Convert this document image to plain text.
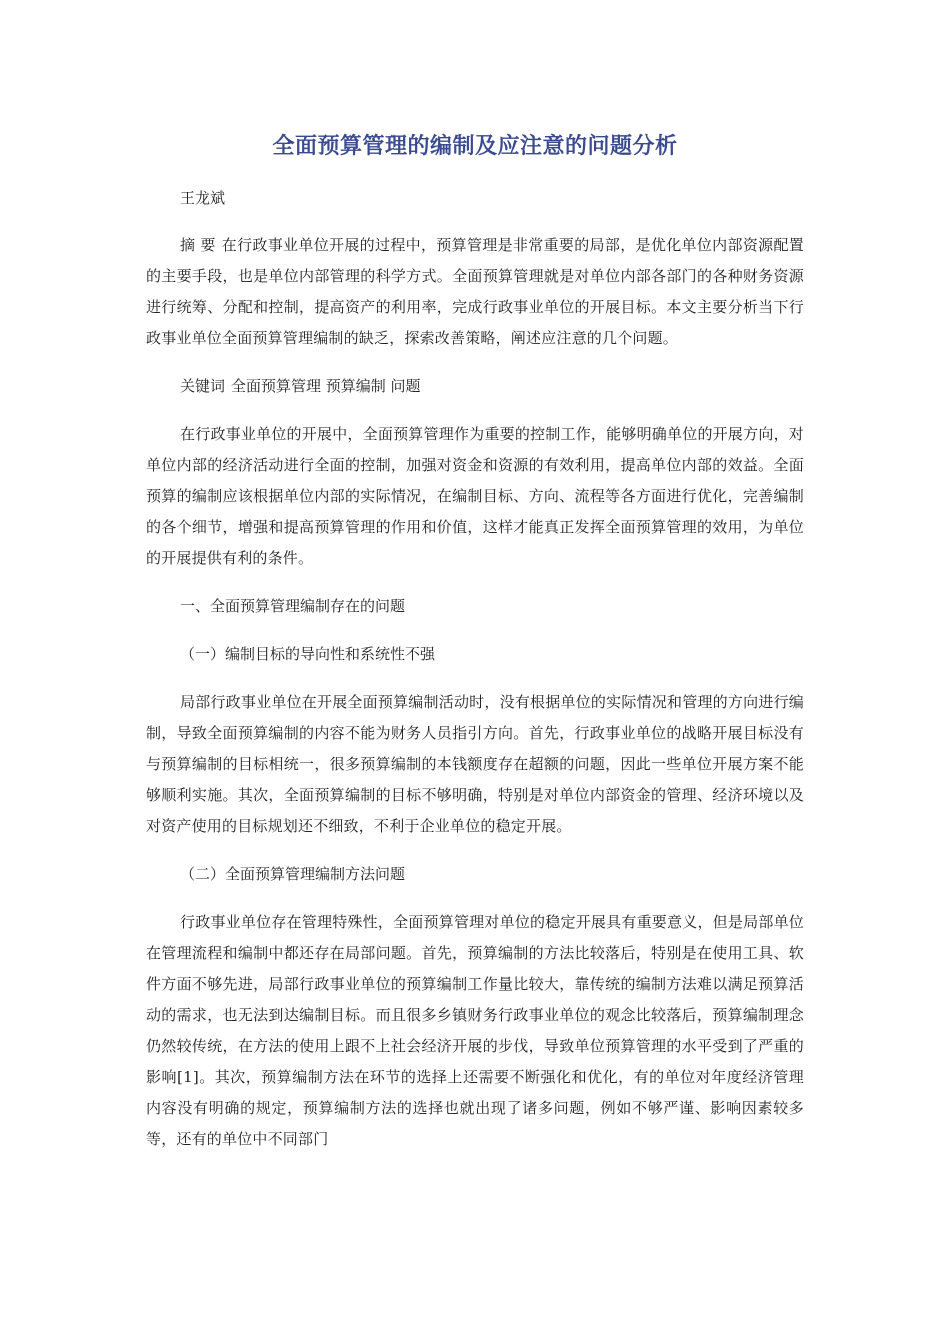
全面预算管理的编制及应注意的问题分析
王龙斌

摘 要 在行政事业单位开展的过程中，预算管理是非常重要的局部，是优化单位内部资源配置的主要手段，也是单位内部管理的科学方式。全面预算管理就是对单位内部各部门的各种财务资源进行统筹、分配和控制，提高资产的利用率，完成行政事业单位的开展目标。本文主要分析当下行政事业单位全面预算管理编制的缺乏，探索改善策略，阐述应注意的几个问题。

关键词 全面预算管理 预算编制 问题

在行政事业单位的开展中，全面预算管理作为重要的控制工作，能够明确单位的开展方向，对单位内部的经济活动进行全面的控制，加强对资金和资源的有效利用，提高单位内部的效益。全面预算的编制应该根据单位内部的实际情况，在编制目标、方向、流程等各方面进行优化，完善编制的各个细节，增强和提高预算管理的作用和价值，这样才能真正发挥全面预算管理的效用，为单位的开展提供有利的条件。

一、全面预算管理编制存在的问题

（一）编制目标的导向性和系统性不强

局部行政事业单位在开展全面预算编制活动时，没有根据单位的实际情况和管理的方向进行编制，导致全面预算编制的内容不能为财务人员指引方向。首先，行政事业单位的战略开展目标没有与预算编制的目标相统一，很多预算编制的本钱额度存在超额的问题，因此一些单位开展方案不能够顺利实施。其次，全面预算编制的目标不够明确，特别是对单位内部资金的管理、经济环境以及对资产使用的目标规划还不细致，不利于企业单位的稳定开展。

（二）全面预算管理编制方法问题

行政事业单位存在管理特殊性，全面预算管理对单位的稳定开展具有重要意义，但是局部单位在管理流程和编制中都还存在局部问题。首先，预算编制的方法比较落后，特别是在使用工具、软件方面不够先进，局部行政事业单位的预算编制工作量比较大，靠传统的编制方法难以满足预算活动的需求，也无法到达编制目标。而且很多乡镇财务行政事业单位的观念比较落后，预算编制理念仍然较传统，在方法的使用上跟不上社会经济开展的步伐，导致单位预算管理的水平受到了严重的影响[1]。其次，预算编制方法在环节的选择上还需要不断强化和优化，有的单位对年度经济管理内容没有明确的规定，预算编制方法的选择也就出现了诸多问题，例如不够严谨、影响因素较多等，还有的单位中不同部门
